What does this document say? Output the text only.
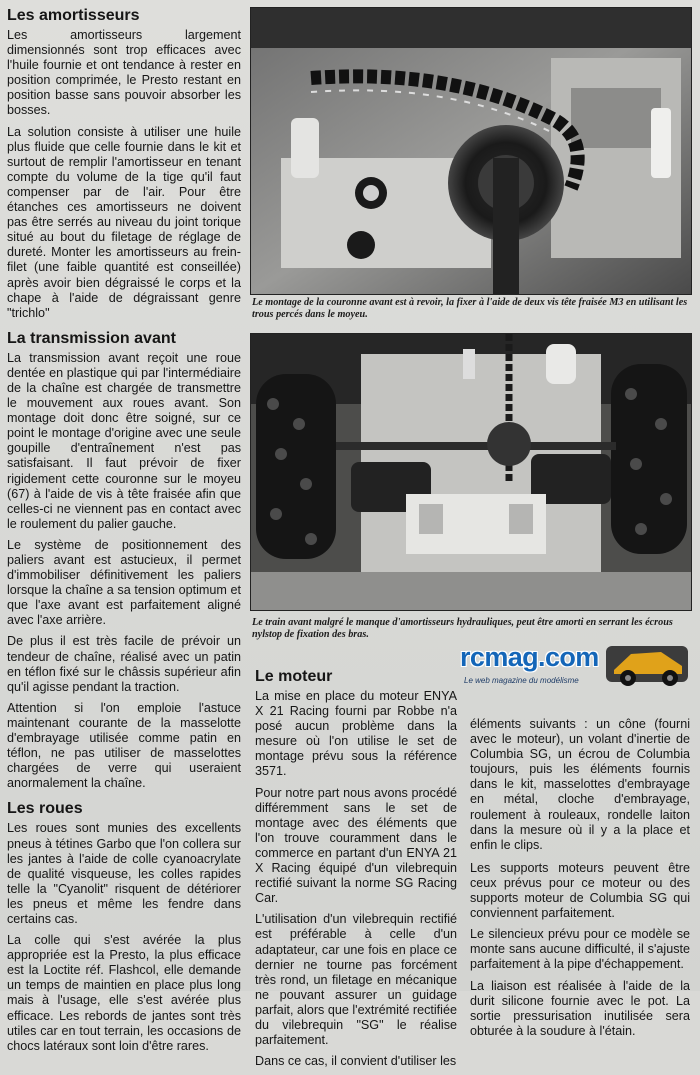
Les amortisseurs

Les amortisseurs largement dimensionnés sont trop efficaces avec l'huile fournie et ont tendance à rester en position comprimée, le Presto restant en position basse sans pouvoir absorber les bosses.

La solution consiste à utiliser une huile plus fluide que celle fournie dans le kit et surtout de remplir l'amortisseur en tenant compte du volume de la tige qu'il faut compenser par de l'air. Pour être étanches ces amortisseurs ne doivent pas être serrés au niveau du joint torique situé au bout du filetage de réglage de dureté. Monter les amortisseurs au frein-filet (une faible quantité est conseillée) après avoir bien dégraissé le corps et la chape à l'aide de dégraissant genre "trichlo"

La transmission avant

La transmission avant reçoit une roue dentée en plastique qui par l'intermédiaire de la chaîne est chargée de transmettre le mouvement aux roues avant. Son montage doit donc être soigné, sur ce point le montage d'origine avec une seule goupille d'entraînement n'est pas satisfaisant. Il faut prévoir de fixer rigidement cette couronne sur le moyeu (67) à l'aide de vis à tête fraisée afin que celles-ci ne viennent pas en contact avec le roulement du palier gauche.

Le système de positionnement des paliers avant est astucieux, il permet d'immobiliser définitivement les paliers lorsque la chaîne a sa tension optimum et que l'axe avant est parfaitement aligné avec l'axe arrière.

De plus il est très facile de prévoir un tendeur de chaîne, réalisé avec un patin en téflon fixé sur le châssis supérieur afin qu'il agisse pendant la traction.

Attention si l'on emploie l'astuce maintenant courante de la masselotte d'embrayage utilisée comme patin en téflon, ne pas utiliser de masselottes chargées de verre qui useraient anormalement la chaîne.

Les roues

Les roues sont munies des excellents pneus à tétines Garbo que l'on collera sur les jantes à l'aide de colle cyanoacrylate de qualité visqueuse, les colles rapides telle la "Cyanolit" risquent de détériorer les pneus et même les fendre dans certains cas.

La colle qui s'est avérée la plus appropriée est la Presto, la plus efficace est la Loctite réf. Flashcol, elle demande un temps de maintien en place plus long mais à l'usage, elle s'est avérée plus efficace. Les rebords de jantes sont très utiles car en tout terrain, les occasions de chocs latéraux sont loin d'être rares.

Le montage de la couronne avant est à revoir, la fixer à l'aide de deux vis tête fraisée M3 en utilisant les trous percés dans le moyeu.
Le train avant malgré le manque d'amortisseurs hydrauliques, peut être amorti en serrant les écrous nylstop de fixation des bras.
rcmag.com
Le web magazine du modélisme
Le moteur

La mise en place du moteur ENYA X 21 Racing fourni par Robbe n'a posé aucun problème dans la mesure où l'on utilise le set de montage prévu sous la référence 3571.

Pour notre part nous avons procédé différemment sans le set de montage avec des éléments que l'on trouve couramment dans le commerce en partant d'un ENYA 21 X Racing équipé d'un vilebrequin rectifié suivant la norme SG Racing Car.

L'utilisation d'un vilebrequin rectifié est préférable à celle d'un adaptateur, car une fois en place ce dernier ne tourne pas forcément très rond, un filetage en mécanique ne pouvant assurer un guidage parfait, alors que l'extrémité rectifiée du vilebrequin "SG" le réalise parfaitement.

Dans ce cas, il convient d'utiliser les

éléments suivants : un cône (fourni avec le moteur), un volant d'inertie de Columbia SG, un écrou de Columbia toujours, puis les éléments fournis dans le kit, masselottes d'embrayage en métal, cloche d'embrayage, roulement à rouleaux, rondelle laiton dans la mesure où il y a la place et enfin le clips.

Les supports moteurs peuvent être ceux prévus pour ce moteur ou des supports moteur de Columbia SG qui conviennent parfaitement.

Le silencieux prévu pour ce modèle se monte sans aucune difficulté, il s'ajuste parfaitement à la pipe d'échappement.

La liaison est réalisée à l'aide de la durit silicone fournie avec le pot. La sortie pressurisation inutilisée sera obturée à la soudure à l'étain.
